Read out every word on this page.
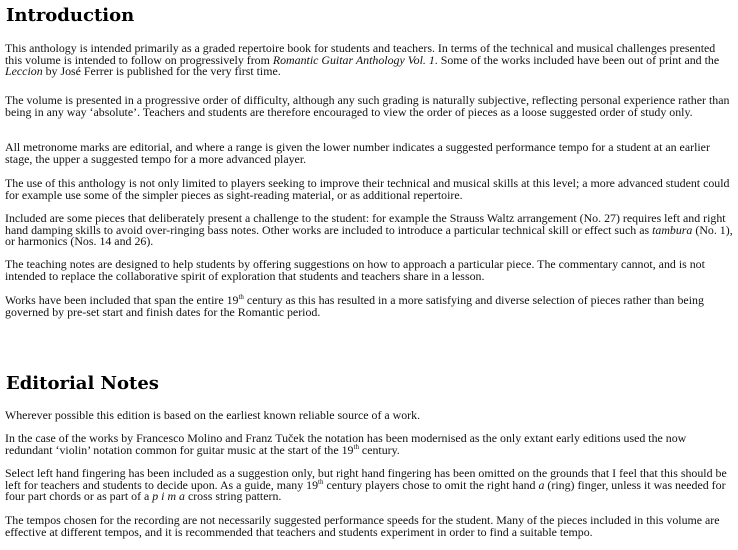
Introduction

This anthology is intended primarily as a graded repertoire book for students and teachers. In terms of the technical and musical challenges presented this volume is intended to follow on progressively from Romantic Guitar Anthology Vol. 1. Some of the works included have been out of print and the Leccion by José Ferrer is published for the very first time.

The volume is presented in a progressive order of difficulty, although any such grading is naturally subjective, reflecting personal experience rather than being in any way ‘absolute’. Teachers and students are therefore encouraged to view the order of pieces as a loose suggested order of study only.

All metronome marks are editorial, and where a range is given the lower number indicates a suggested performance tempo for a student at an earlier stage, the upper a suggested tempo for a more advanced player.

The use of this anthology is not only limited to players seeking to improve their technical and musical skills at this level; a more advanced student could for example use some of the simpler pieces as sight-reading material, or as additional repertoire.

Included are some pieces that deliberately present a challenge to the student: for example the Strauss Waltz arrangement (No. 27) requires left and right hand damping skills to avoid over-ringing bass notes. Other works are included to introduce a particular technical skill or effect such as tambura (No. 1), or harmonics (Nos. 14 and 26).

The teaching notes are designed to help students by offering suggestions on how to approach a particular piece. The commentary cannot, and is not intended to replace the collaborative spirit of exploration that students and teachers share in a lesson.

Works have been included that span the entire 19th century as this has resulted in a more satisfying and diverse selection of pieces rather than being governed by pre-set start and finish dates for the Romantic period.

Editorial Notes

Wherever possible this edition is based on the earliest known reliable source of a work.

In the case of the works by Francesco Molino and Franz Tuček the notation has been modernised as the only extant early editions used the now redundant ‘violin’ notation common for guitar music at the start of the 19th century.

Select left hand fingering has been included as a suggestion only, but right hand fingering has been omitted on the grounds that I feel that this should be left for teachers and students to decide upon. As a guide, many 19th century players chose to omit the right hand a (ring) finger, unless it was needed for four part chords or as part of a p i m a cross string pattern.

The tempos chosen for the recording are not necessarily suggested performance speeds for the student. Many of the pieces included in this volume are effective at different tempos, and it is recommended that teachers and students experiment in order to find a suitable tempo.
